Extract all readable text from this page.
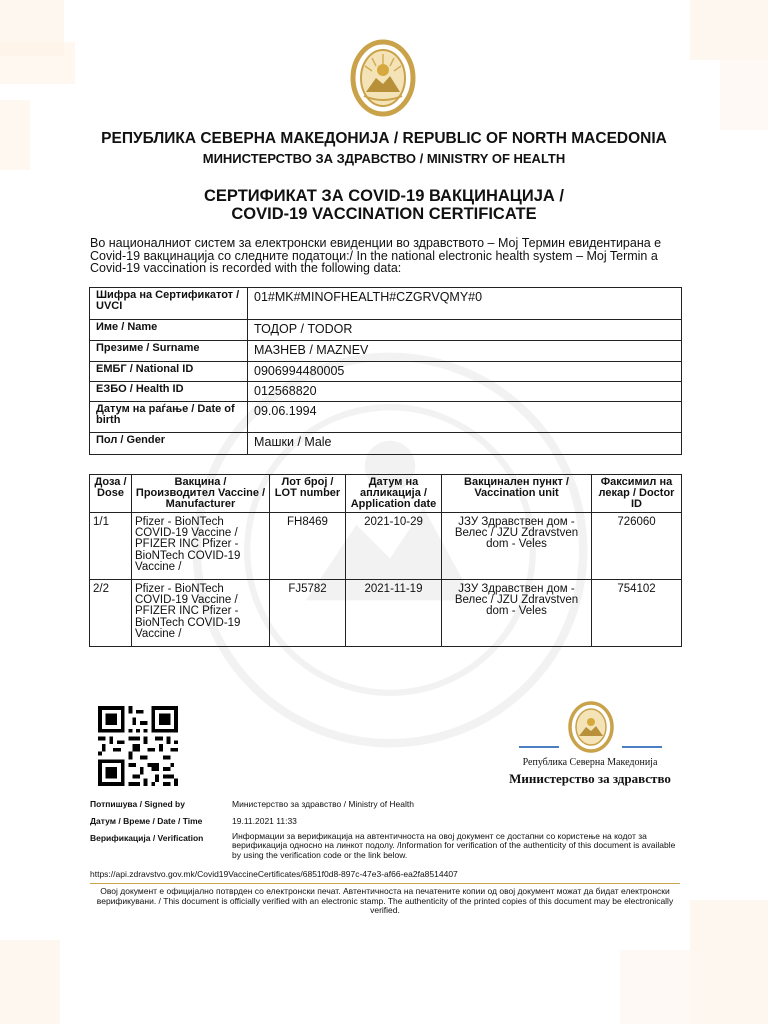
РЕПУБЛИКА СЕВЕРНА МАКЕДОНИЈА / REPUBLIC OF NORTH MACEDONIA
МИНИСТЕРСТВО ЗА ЗДРАВСТВО / MINISTRY OF HEALTH
СЕРТИФИКАТ ЗА COVID-19 ВАКЦИНАЦИЈА /
COVID-19 VACCINATION CERTIFICATE
Во националниот систем за електронски евиденции во здравството – Мој Термин евидентирана е Covid-19 вакцинација со следните податоци:/ In the national electronic health system – Moj Termin a Covid-19 vaccination is recorded with the following data:
Шифра на Сертификатот / UVCI	01#MK#MINOFHEALTH#CZGRVQMY#0
Име / Name	ТОДОР / TODOR
Презиме / Surname	МАЗНЕВ / MAZNEV
ЕМБГ / National ID	0906994480005
ЕЗБО / Health ID	012568820
Датум на раѓање / Date of birth	09.06.1994
Пол / Gender	Машки / Male
Доза / Dose	Вакцина / Производител Vaccine / Manufacturer	Лот број / LOT number	Датум на апликација / Application date	Вакцинален пункт / Vaccination unit	Факсимил на лекар / Doctor ID
1/1	Pfizer - BioNTech COVID-19 Vaccine / PFIZER INC Pfizer - BioNTech COVID-19 Vaccine /	FH8469	2021-10-29	ЈЗУ Здравствен дом - Велес / JZU Zdravstven dom - Veles	726060
2/2	Pfizer - BioNTech COVID-19 Vaccine / PFIZER INC Pfizer - BioNTech COVID-19 Vaccine /	FJ5782	2021-11-19	ЈЗУ Здравствен дом - Велес / JZU Zdravstven dom - Veles	754102
Република Северна Македонија
Министерство за здравство
Потпишува / Signed by	Министерство за здравство / Ministry of Health
Датум / Време / Date / Time	19.11.2021 11:33
Верификација / Verification	Информации за верификација на автентичноста на овој документ се достапни со користење на кодот за верификација односно на линкот подолу. /Information for verification of the authenticity of this document is available by using the verification code or the link below.
https://api.zdravstvo.gov.mk/Covid19VaccineCertificates/6851f0d8-897c-47e3-af66-ea2fa8514407
Овој документ е официјално потврден со електронски печат. Автентичноста на печатените копии од овој документ можат да бидат електронски верификувани. / This document is officially verified with an electronic stamp. The authenticity of the printed copies of this document may be electronically verified.
